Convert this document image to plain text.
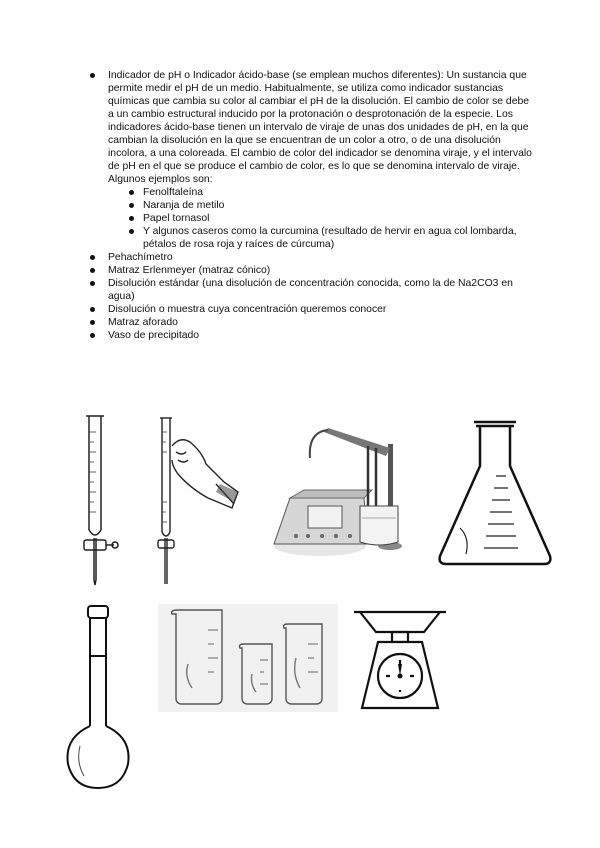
Indicador de pH o Indicador ácido-base (se emplean muchos diferentes): Un sustancia que permite medir el pH de un medio. Habitualmente, se utiliza como indicador sustancias químicas que cambia su color al cambiar el pH de la disolución. El cambio de color se debe a un cambio estructural inducido por la protonación o desprotonación de la especie. Los indicadores ácido-base tienen un intervalo de viraje de unas dos unidades de pH, en la que cambian la disolución en la que se encuentran de un color a otro, o de una disolución incolora, a una coloreada. El cambio de color del indicador se denomina viraje, y el intervalo de pH en el que se produce el cambio de color, es lo que se denomina intervalo de viraje.
Algunos ejemplos son:
Fenolftaleína
Naranja de metilo
Papel tornasol
Y algunos caseros como la curcumina (resultado de hervir en agua col lombarda, pétalos de rosa roja y raíces de cúrcuma)
Pehachímetro
Matraz Erlenmeyer (matraz cónico)
Disolución estándar (una disolución de concentración conocida, como la de Na2CO3 en agua)
Disolución o muestra cuya concentración queremos conocer
Matraz aforado
Vaso de precipitado
